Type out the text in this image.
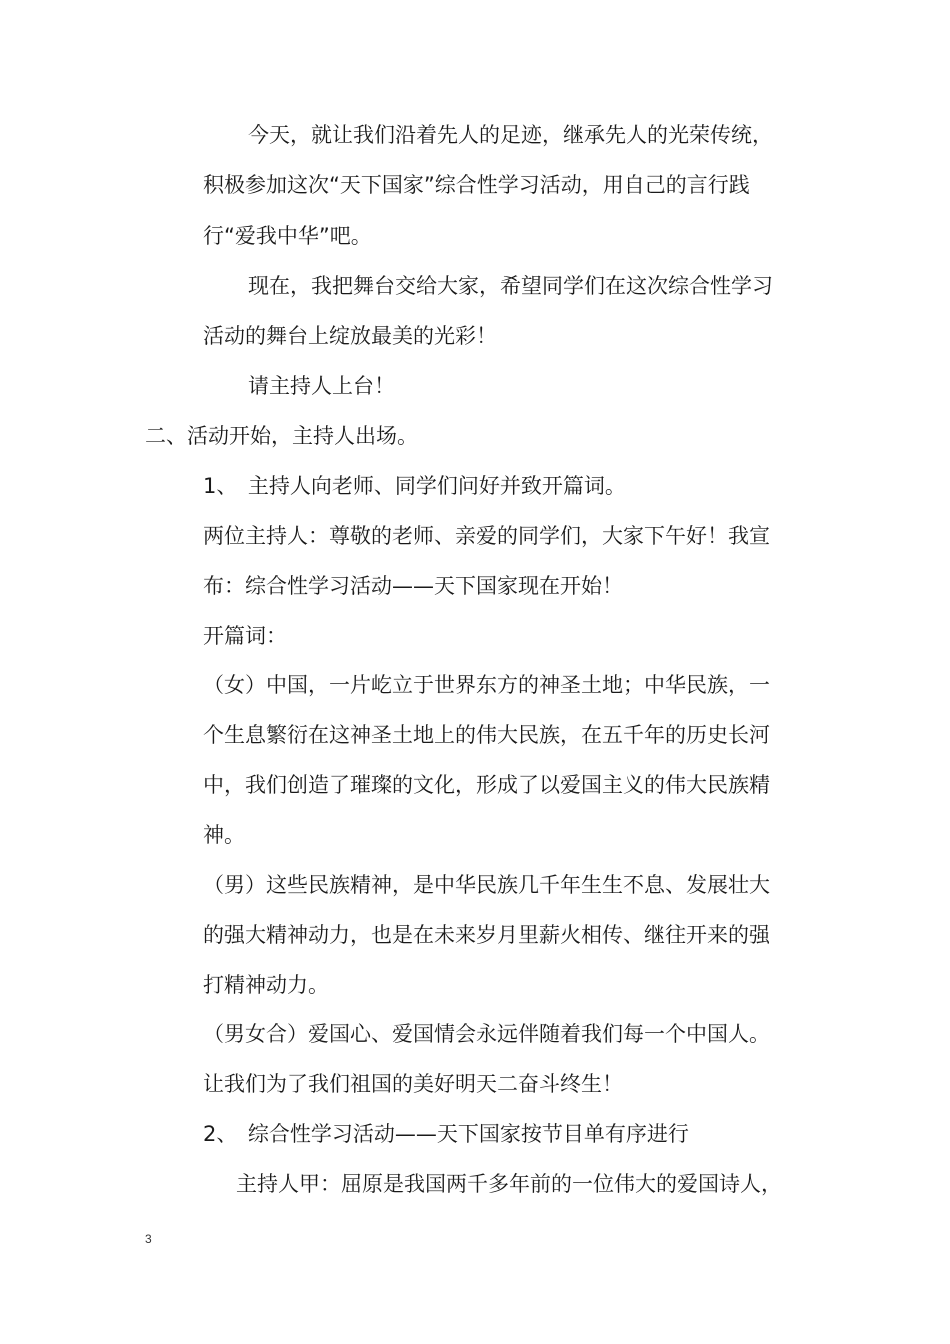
今天，就让我们沿着先人的足迹，继承先人的光荣传统，
积极参加这次“天下国家”综合性学习活动，用自己的言行践
行“爱我中华”吧。
现在，我把舞台交给大家，希望同学们在这次综合性学习
活动的舞台上绽放最美的光彩！
请主持人上台！
二、活动开始，主持人出场。
1、　主持人向老师、同学们问好并致开篇词。
两位主持人：尊敬的老师、亲爱的同学们，大家下午好！我宣
布：综合性学习活动——天下国家现在开始！
开篇词：
（女）中国，一片屹立于世界东方的神圣土地；中华民族，一
个生息繁衍在这神圣土地上的伟大民族，在五千年的历史长河
中，我们创造了璀璨的文化，形成了以爱国主义的伟大民族精
神。
（男）这些民族精神，是中华民族几千年生生不息、发展壮大
的强大精神动力，也是在未来岁月里薪火相传、继往开来的强
打精神动力。
（男女合）爱国心、爱国情会永远伴随着我们每一个中国人。
让我们为了我们祖国的美好明天二奋斗终生！
2、　综合性学习活动——天下国家按节目单有序进行
主持人甲：屈原是我国两千多年前的一位伟大的爱国诗人，
3
